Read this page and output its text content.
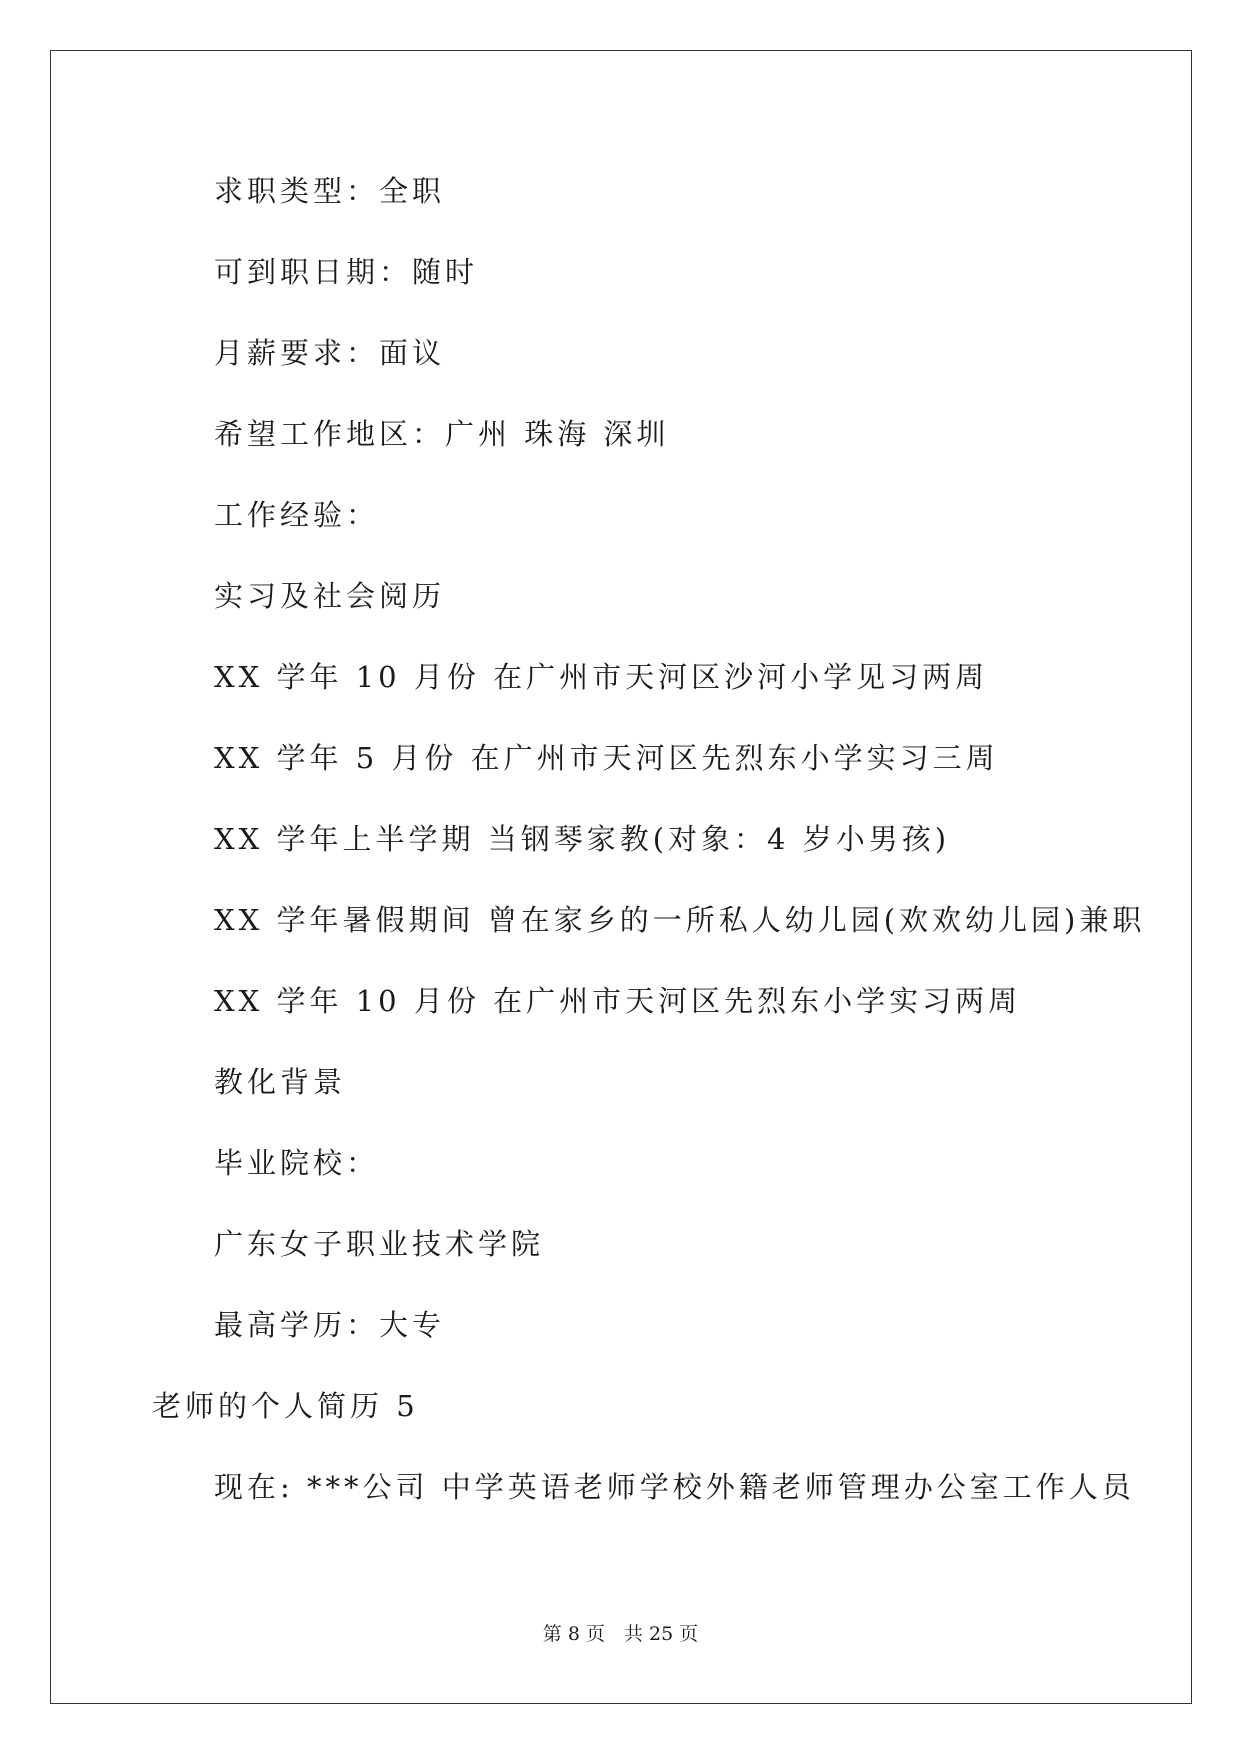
求职类型：全职
可到职日期：随时
月薪要求：面议
希望工作地区：广州 珠海 深圳
工作经验：
实习及社会阅历
XX 学年 10 月份 在广州市天河区沙河小学见习两周
XX 学年 5 月份 在广州市天河区先烈东小学实习三周
XX 学年上半学期 当钢琴家教(对象：4 岁小男孩)
XX 学年暑假期间 曾在家乡的一所私人幼儿园(欢欢幼儿园)兼职
XX 学年 10 月份 在广州市天河区先烈东小学实习两周
教化背景
毕业院校：
广东女子职业技术学院
最高学历：大专
老师的个人简历 5
现在: ***公司 中学英语老师学校外籍老师管理办公室工作人员
第 8 页　共 25 页
